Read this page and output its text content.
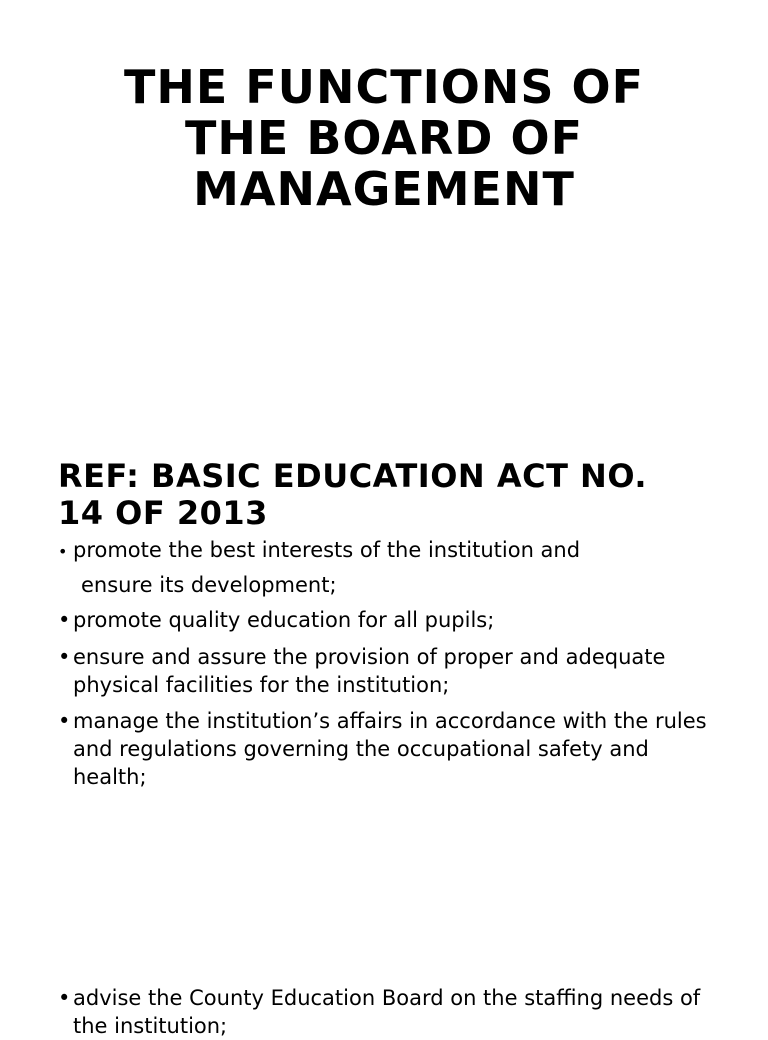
THE FUNCTIONS OF
THE BOARD OF
MANAGEMENT
REF: BASIC EDUCATION ACT NO.
14 OF 2013
• promote the best interests of the institution and
ensure its development;
• promote quality education for all pupils;
• ensure and assure the provision of proper and adequate
physical facilities for the institution;
• manage the institution’s affairs in accordance with the rules
and regulations governing the occupational safety and
health;
• advise the County Education Board on the staffing needs of
the institution;
